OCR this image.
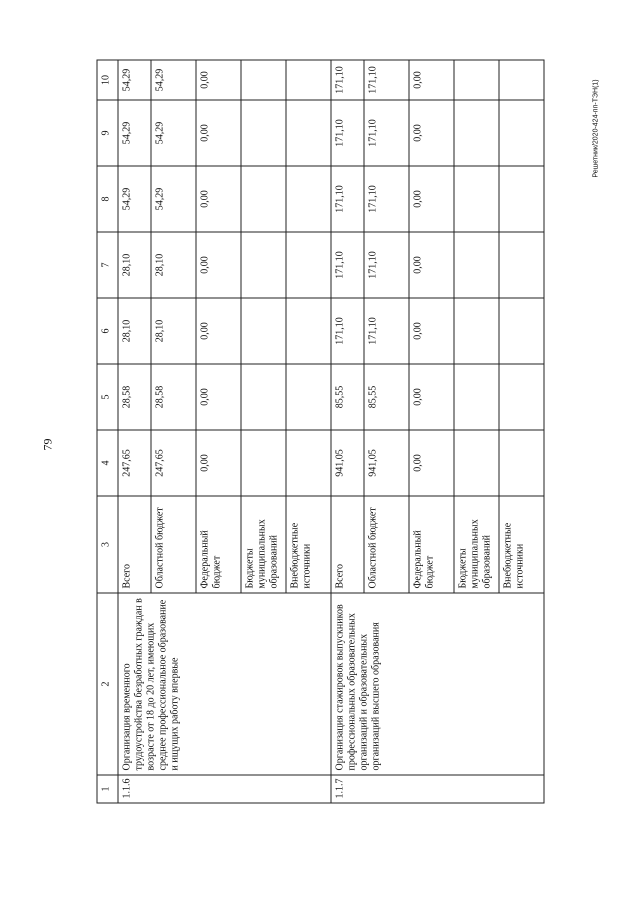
79
Решетник/2020-424-пп-ТЭН(1)
1	2	3	4	5	6	7	8	9	10
1.1.6	Организация временного трудоустройства безработных граждан в возрасте от 18 до 20 лет, имеющих среднее профессиональное образование и ищущих работу впервые	Всего	247,65	28,58	28,10	28,10	54,29	54,29	54,29
		Областной бюджет	247,65	28,58	28,10	28,10	54,29	54,29	54,29
		Федеральный бюджет	0,00	0,00	0,00	0,00	0,00	0,00	0,00
		Бюджеты муниципальных образований							
		Внебюджетные источники							
1.1.7	Организация стажировок выпускников профессиональных образовательных организаций и образовательных организаций высшего образования	Всего	941,05	85,55	171,10	171,10	171,10	171,10	171,10
		Областной бюджет	941,05	85,55	171,10	171,10	171,10	171,10	171,10
		Федеральный бюджет	0,00	0,00	0,00	0,00	0,00	0,00	0,00
		Бюджеты муниципальных образований							
		Внебюджетные источники							
